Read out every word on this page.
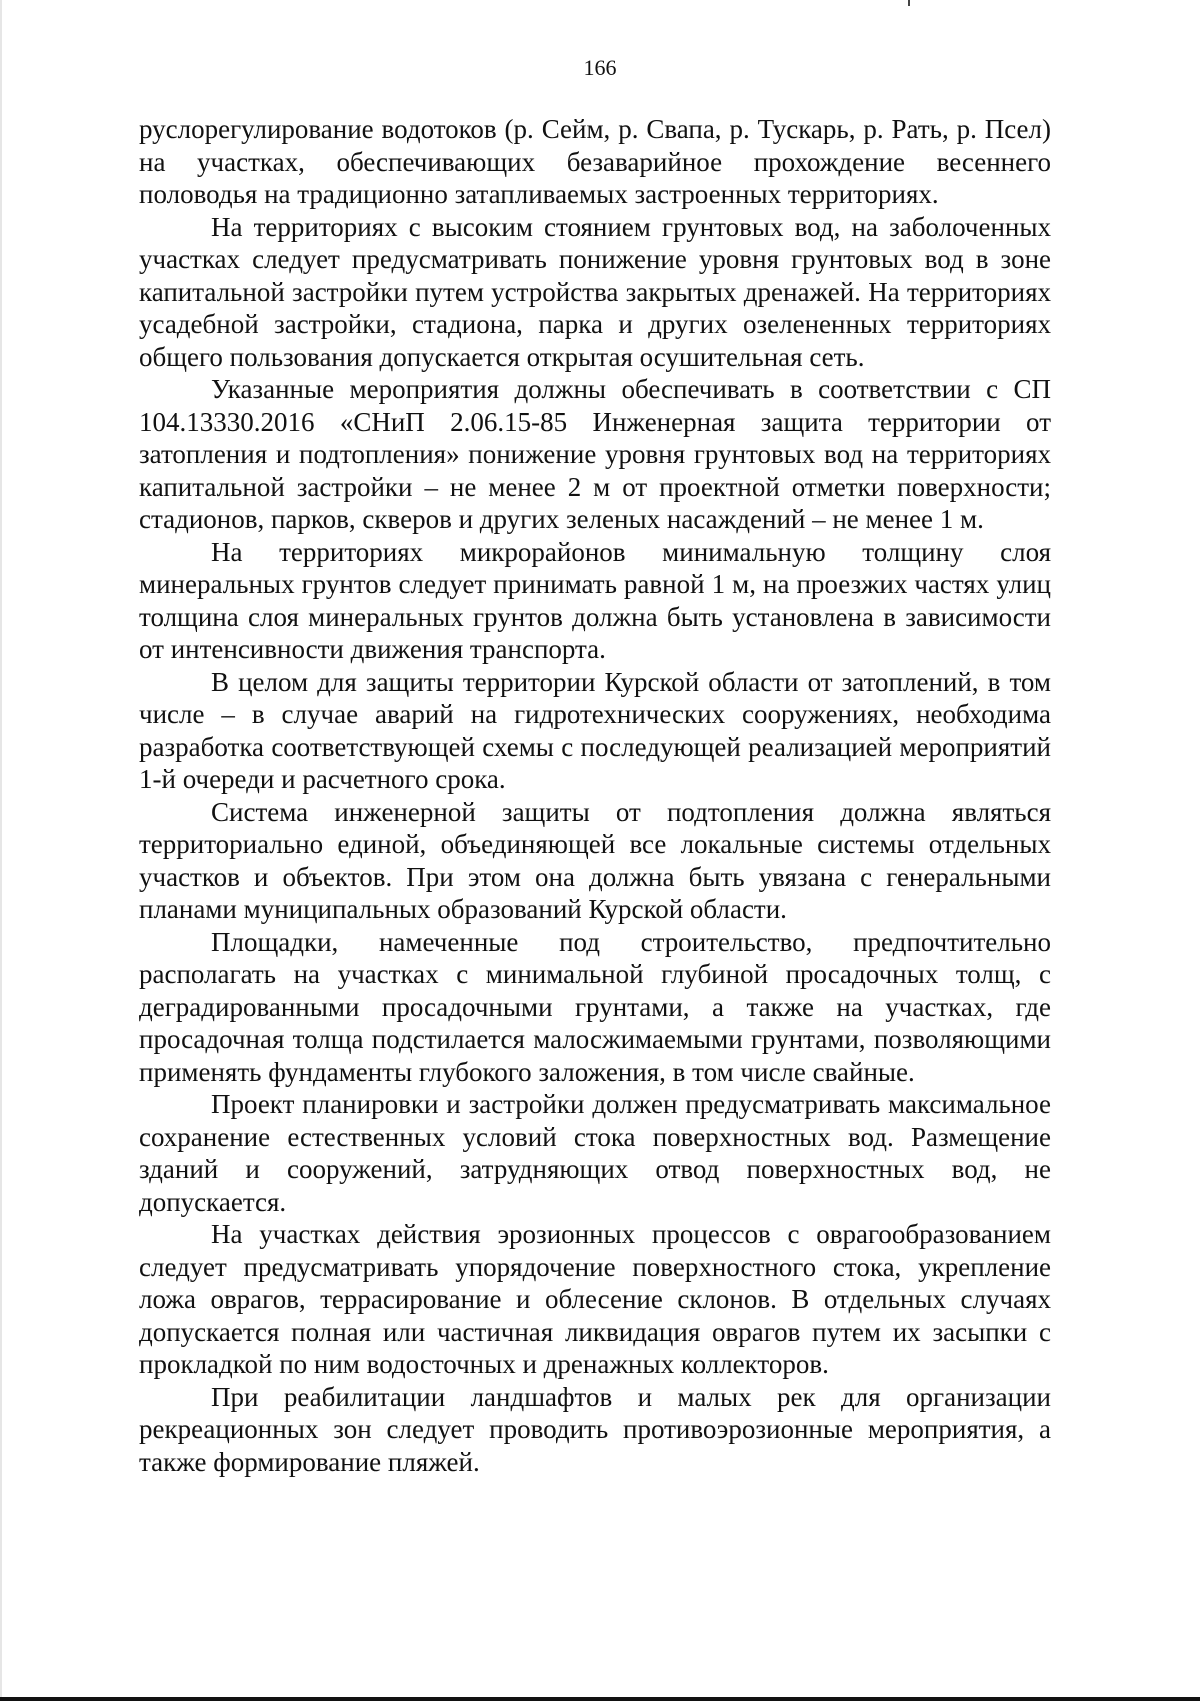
166

руслорегулирование водотоков (р. Сейм, р. Свапа, р. Тускарь, р. Рать, р. Псел) на участках, обеспечивающих безаварийное прохождение весеннего половодья на традиционно затапливаемых застроенных территориях.

На территориях с высоким стоянием грунтовых вод, на заболоченных участках следует предусматривать понижение уровня грунтовых вод в зоне капитальной застройки путем устройства закрытых дренажей. На территориях усадебной застройки, стадиона, парка и других озелененных территориях общего пользования допускается открытая осушительная сеть.

Указанные мероприятия должны обеспечивать в соответствии с СП 104.13330.2016 «СНиП 2.06.15-85 Инженерная защита территории от затопления и подтопления» понижение уровня грунтовых вод на территориях капитальной застройки – не менее 2 м от проектной отметки поверхности; стадионов, парков, скверов и других зеленых насаждений – не менее 1 м.

На территориях микрорайонов минимальную толщину слоя минеральных грунтов следует принимать равной 1 м, на проезжих частях улиц толщина слоя минеральных грунтов должна быть установлена в зависимости от интенсивности движения транспорта.

В целом для защиты территории Курской области от затоплений, в том числе – в случае аварий на гидротехнических сооружениях, необходима разработка соответствующей схемы с последующей реализацией мероприятий 1-й очереди и расчетного срока.

Система инженерной защиты от подтопления должна являться территориально единой, объединяющей все локальные системы отдельных участков и объектов. При этом она должна быть увязана с генеральными планами муниципальных образований Курской области.

Площадки, намеченные под строительство, предпочтительно располагать на участках с минимальной глубиной просадочных толщ, с деградированными просадочными грунтами, а также на участках, где просадочная толща подстилается малосжимаемыми грунтами, позволяющими применять фундаменты глубокого заложения, в том числе свайные.

Проект планировки и застройки должен предусматривать максимальное сохранение естественных условий стока поверхностных вод. Размещение зданий и сооружений, затрудняющих отвод поверхностных вод, не допускается.

На участках действия эрозионных процессов с оврагообразованием следует предусматривать упорядочение поверхностного стока, укрепление ложа оврагов, террасирование и облесение склонов. В отдельных случаях допускается полная или частичная ликвидация оврагов путем их засыпки с прокладкой по ним водосточных и дренажных коллекторов.

При реабилитации ландшафтов и малых рек для организации рекреационных зон следует проводить противоэрозионные мероприятия, а также формирование пляжей.
